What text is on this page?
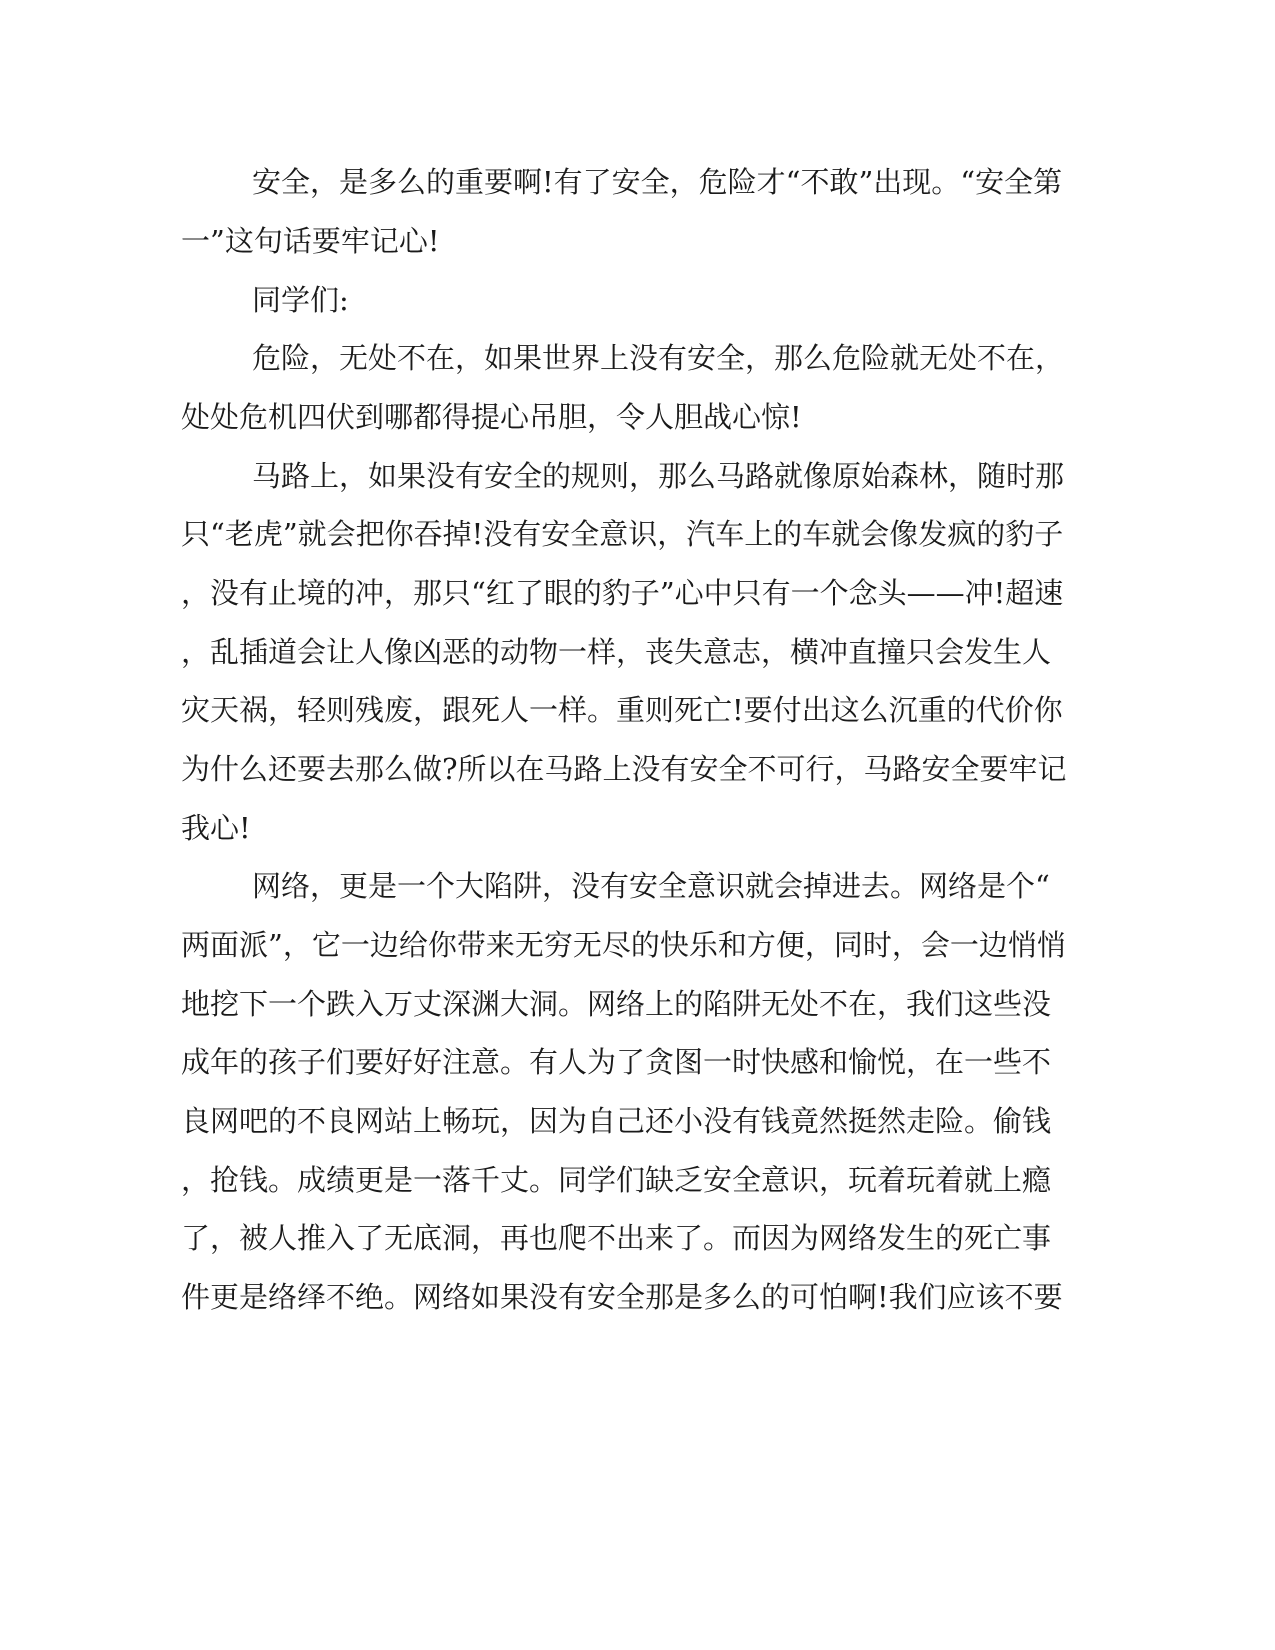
安全，是多么的重要啊!有了安全，危险才“不敢”出现。“安全第
一”这句话要牢记心!
同学们:
危险，无处不在，如果世界上没有安全，那么危险就无处不在，
处处危机四伏到哪都得提心吊胆，令人胆战心惊!
马路上，如果没有安全的规则，那么马路就像原始森林，随时那
只“老虎”就会把你吞掉!没有安全意识，汽车上的车就会像发疯的豹子
，没有止境的冲，那只“红了眼的豹子”心中只有一个念头——冲!超速
，乱插道会让人像凶恶的动物一样，丧失意志，横冲直撞只会发生人
灾天祸，轻则残废，跟死人一样。重则死亡!要付出这么沉重的代价你
为什么还要去那么做?所以在马路上没有安全不可行，马路安全要牢记
我心!
网络，更是一个大陷阱，没有安全意识就会掉进去。网络是个“
两面派”，它一边给你带来无穷无尽的快乐和方便，同时，会一边悄悄
地挖下一个跌入万丈深渊大洞。网络上的陷阱无处不在，我们这些没
成年的孩子们要好好注意。有人为了贪图一时快感和愉悦，在一些不
良网吧的不良网站上畅玩，因为自己还小没有钱竟然挺然走险。偷钱
，抢钱。成绩更是一落千丈。同学们缺乏安全意识，玩着玩着就上瘾
了，被人推入了无底洞，再也爬不出来了。而因为网络发生的死亡事
件更是络绎不绝。网络如果没有安全那是多么的可怕啊!我们应该不要
